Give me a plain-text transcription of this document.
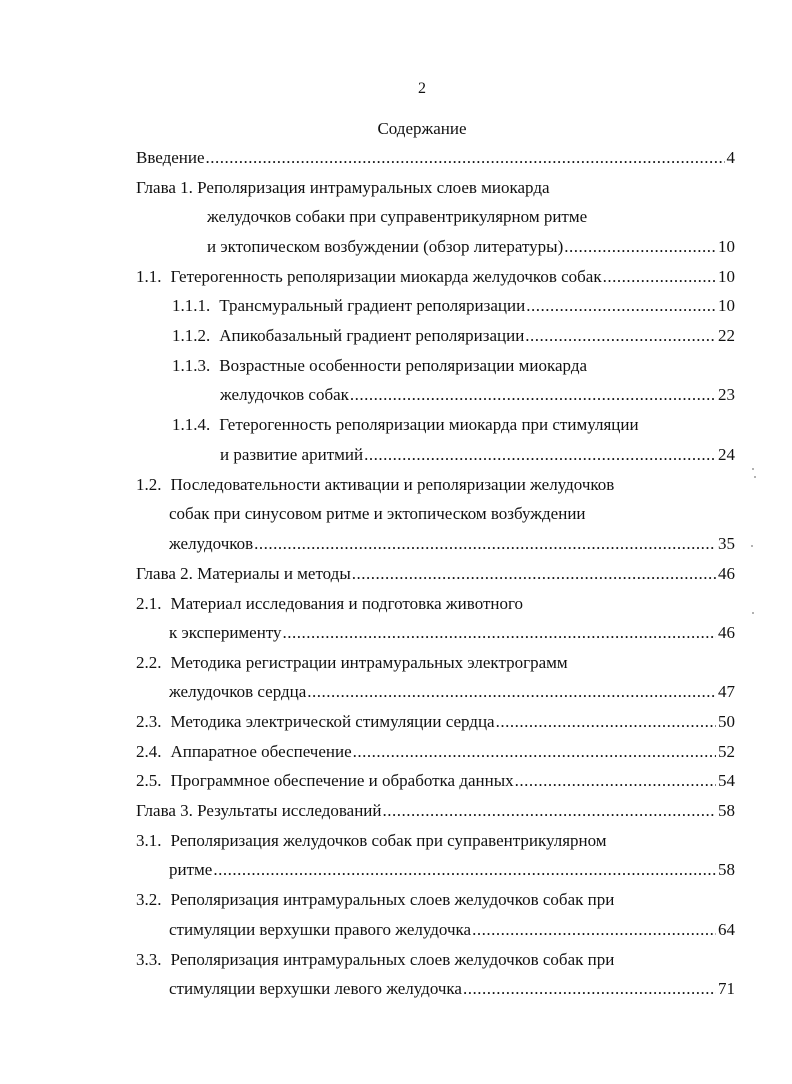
2
Содержание
Введение .....	4
Глава 1. Реполяризация интрамуральных слоев миокарда
желудочков собаки при суправентрикулярном ритме
и эктопическом возбуждении (обзор литературы) .....	10
1.1. Гетерогенность реполяризации миокарда желудочков собак .....	10
1.1.1. Трансмуральный градиент реполяризации .....	10
1.1.2. Апикобазальный градиент реполяризации .....	22
1.1.3. Возрастные особенности реполяризации миокарда
желудочков собак .....	23
1.1.4. Гетерогенность реполяризации миокарда при стимуляции
и развитие аритмий .....	24
1.2. Последовательности активации и реполяризации желудочков
собак при синусовом ритме и эктопическом возбуждении
желудочков .....	35
Глава 2. Материалы и методы .....	46
2.1. Материал исследования и подготовка животного
к эксперименту .....	46
2.2. Методика регистрации интрамуральных электрограмм
желудочков сердца .....	47
2.3. Методика электрической стимуляции сердца .....	50
2.4. Аппаратное обеспечение .....	52
2.5. Программное обеспечение и обработка данных .....	54
Глава 3. Результаты исследований .....	58
3.1. Реполяризация желудочков собак при суправентрикулярном
ритме .....	58
3.2. Реполяризация интрамуральных слоев желудочков собак при
стимуляции верхушки правого желудочка .....	64
3.3. Реполяризация интрамуральных слоев желудочков собак при
стимуляции верхушки левого желудочка .....	71
